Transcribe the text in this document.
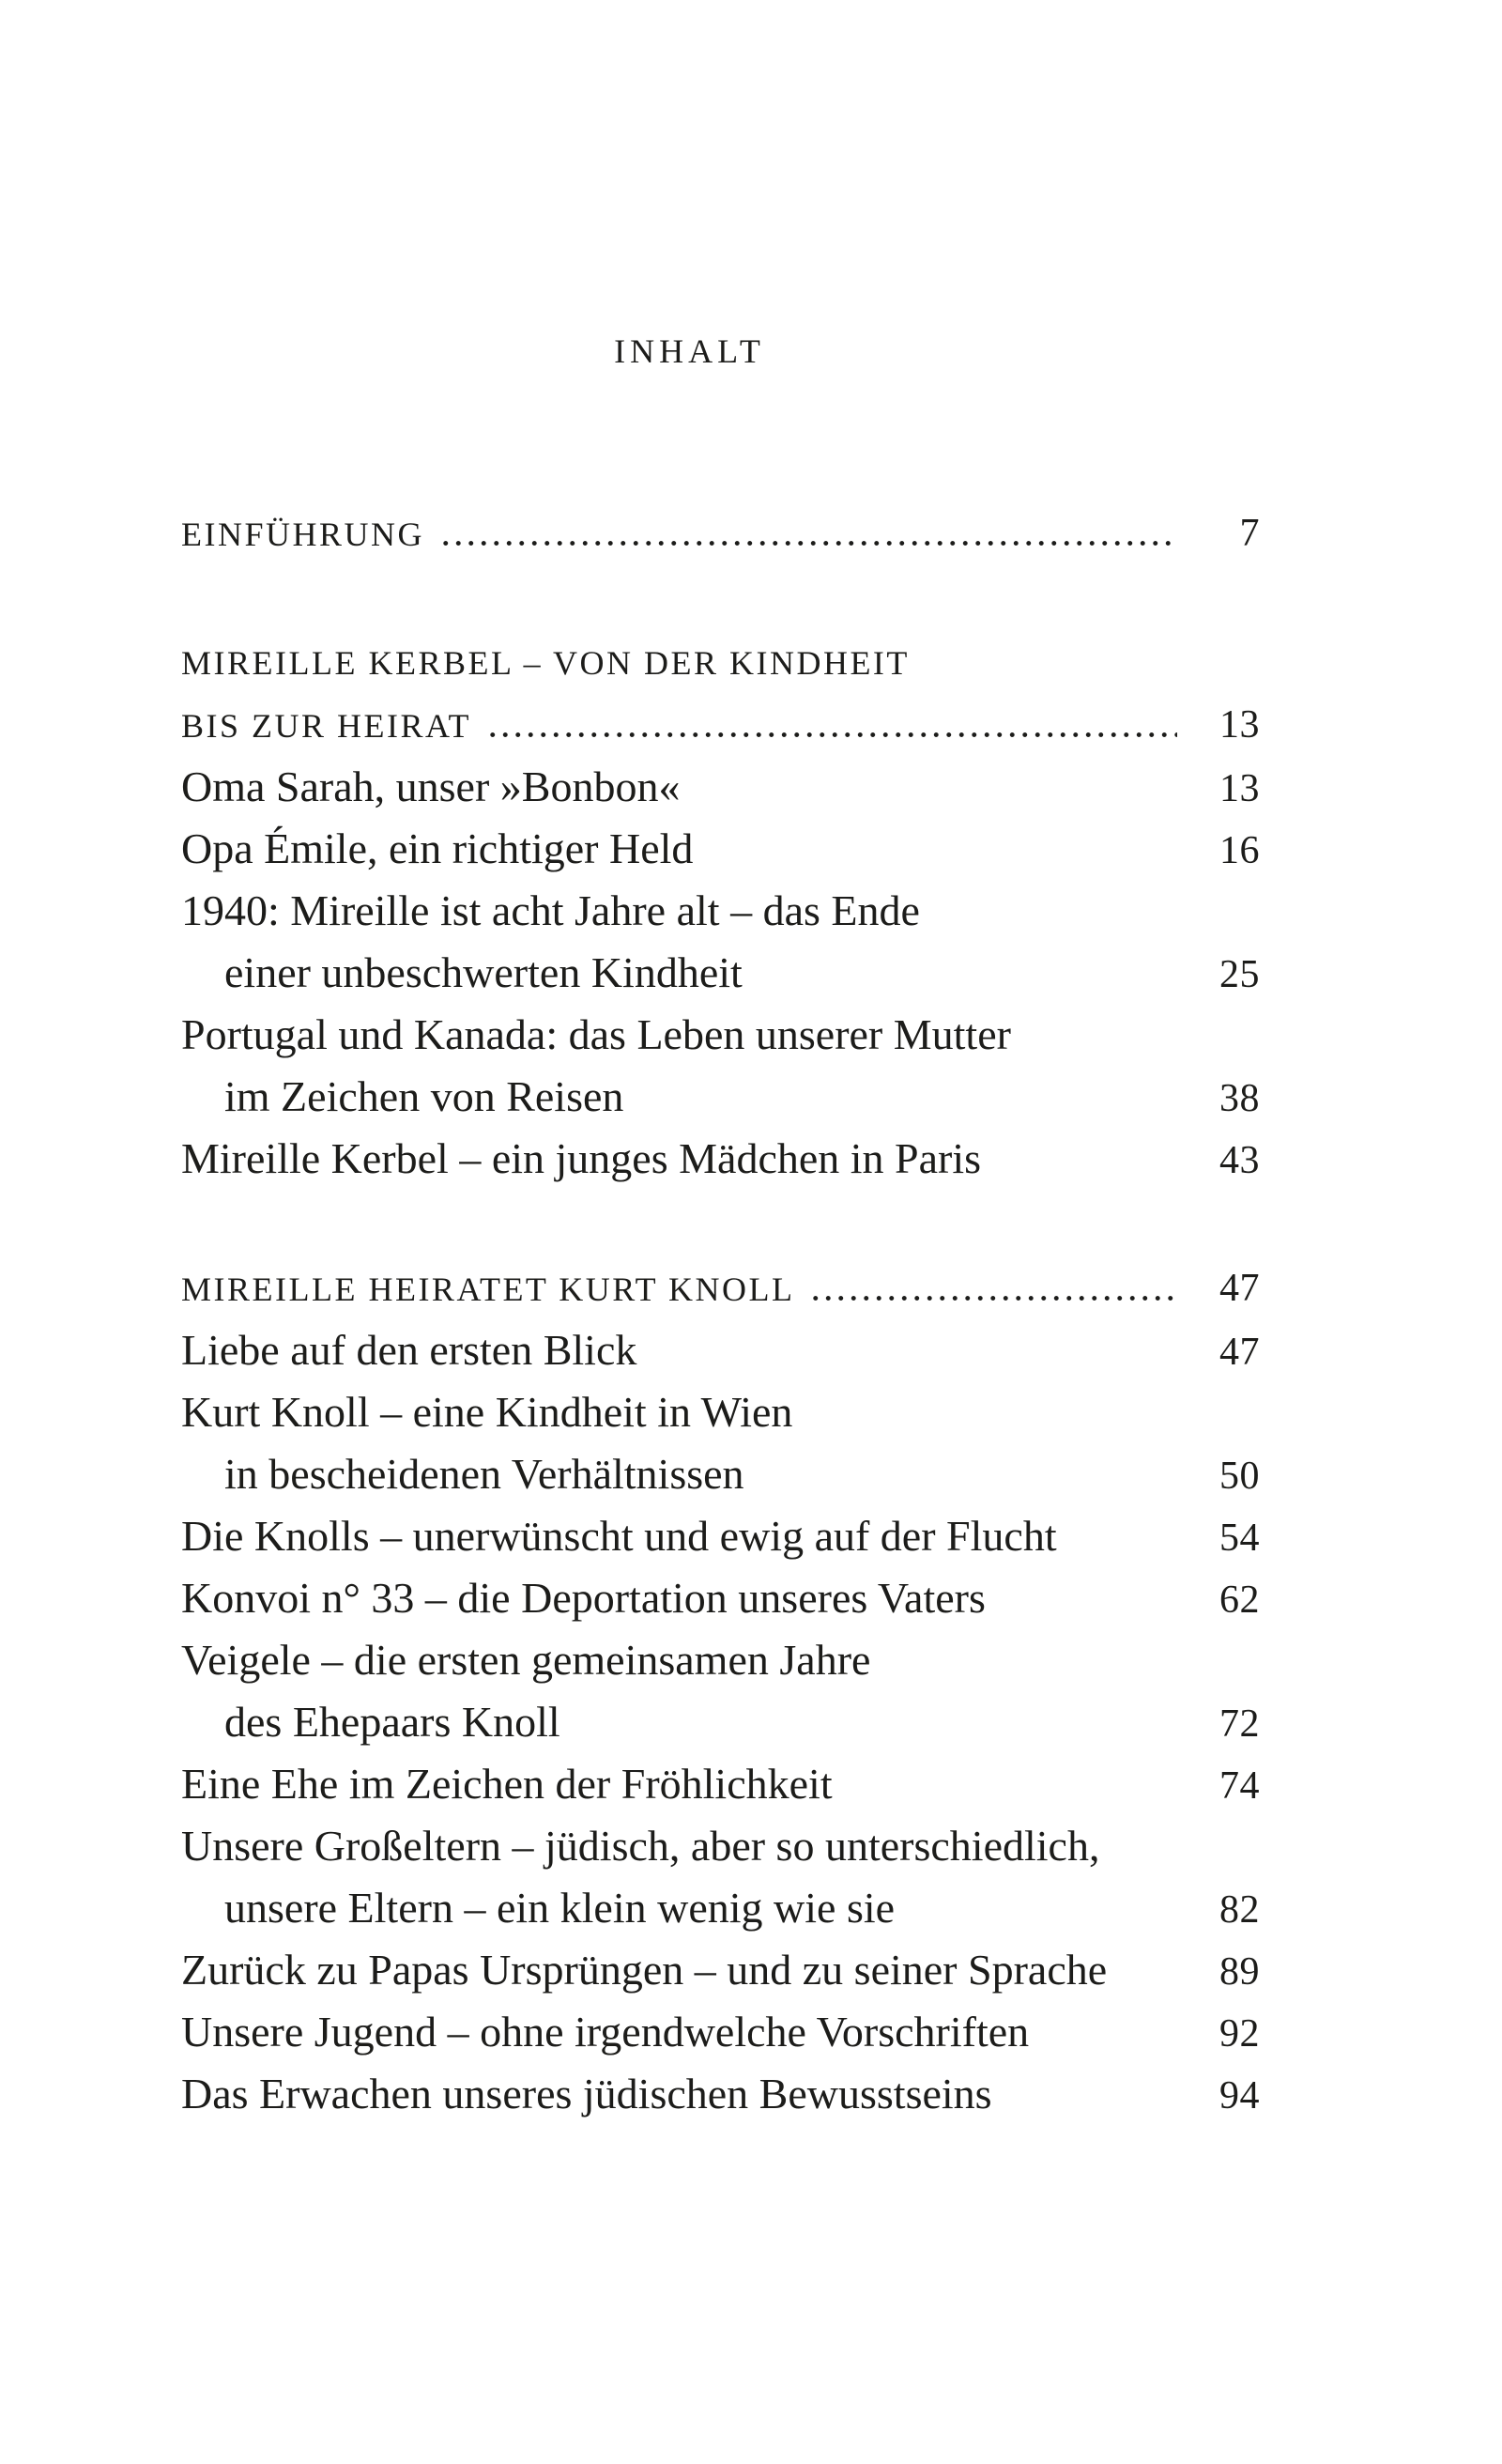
INHALT
EINFÜHRUNG	7
MIREILLE KERBEL – VON DER KINDHEIT
BIS ZUR HEIRAT	13
Oma Sarah, unser »Bonbon«	13
Opa Émile, ein richtiger Held	16
1940: Mireille ist acht Jahre alt – das Ende
einer unbeschwerten Kindheit	25
Portugal und Kanada: das Leben unserer Mutter
im Zeichen von Reisen	38
Mireille Kerbel – ein junges Mädchen in Paris	43
MIREILLE HEIRATET KURT KNOLL	47
Liebe auf den ersten Blick	47
Kurt Knoll – eine Kindheit in Wien
in bescheidenen Verhältnissen	50
Die Knolls – unerwünscht und ewig auf der Flucht	54
Konvoi n° 33 – die Deportation unseres Vaters	62
Veigele – die ersten gemeinsamen Jahre
des Ehepaars Knoll	72
Eine Ehe im Zeichen der Fröhlichkeit	74
Unsere Großeltern – jüdisch, aber so unterschiedlich,
unsere Eltern – ein klein wenig wie sie	82
Zurück zu Papas Ursprüngen – und zu seiner Sprache	89
Unsere Jugend – ohne irgendwelche Vorschriften	92
Das Erwachen unseres jüdischen Bewusstseins	94
